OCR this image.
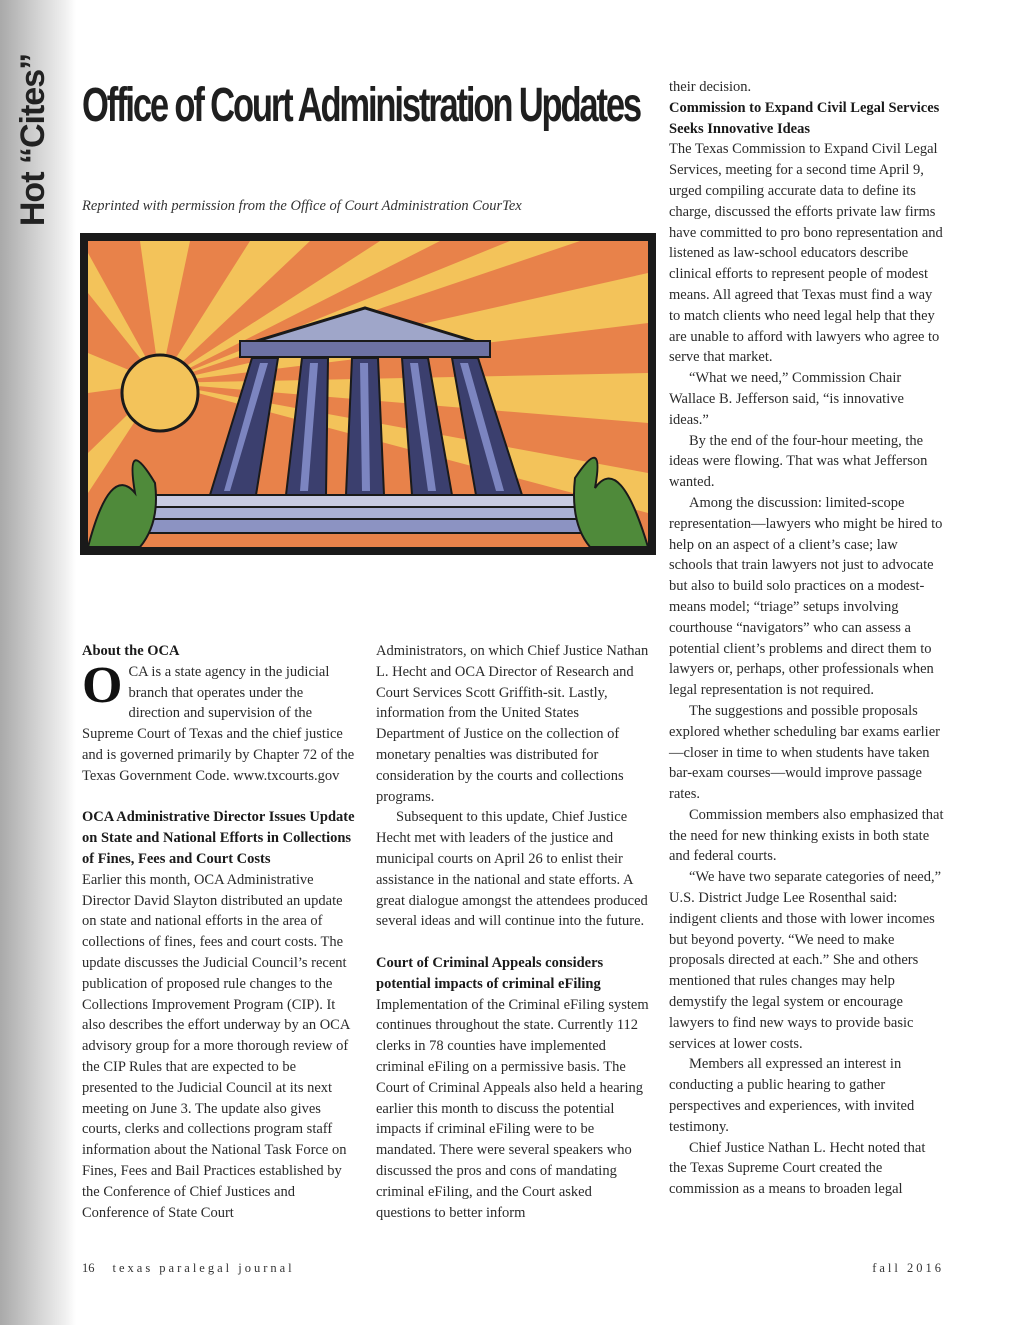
Hot “Cites” Office of Court Administration Updates
Reprinted with permission from the Office of Court Administration CourTex

About the OCA

OCA is a state agency in the judicial branch that operates under the direction and supervision of the Supreme Court of Texas and the chief justice and is governed primarily by Chapter 72 of the Texas Government Code. www.txcourts.gov

OCA Administrative Director Issues Update on State and National Efforts in Collections of Fines, Fees and Court Costs

Earlier this month, OCA Administrative Director David Slayton distributed an update on state and national efforts in the area of collections of fines, fees and court costs. The update discusses the Judicial Council’s recent publication of proposed rule changes to the Collections Improvement Program (CIP). It also describes the effort underway by an OCA advisory group for a more thorough review of the CIP Rules that are expected to be presented to the Judicial Council at its next meeting on June 3. The update also gives courts, clerks and collections program staff information about the National Task Force on Fines, Fees and Bail Practices established by the Conference of Chief Justices and Conference of State Court

Administrators, on which Chief Justice Nathan L. Hecht and OCA Director of Research and Court Services Scott Griffith-sit. Lastly, information from the United States Department of Justice on the collection of monetary penalties was distributed for consideration by the courts and collections programs.

Subsequent to this update, Chief Justice Hecht met with leaders of the justice and municipal courts on April 26 to enlist their assistance in the national and state efforts. A great dialogue amongst the attendees produced several ideas and will continue into the future.

Court of Criminal Appeals considers potential impacts of criminal eFiling

Implementation of the Criminal eFiling system continues throughout the state. Currently 112 clerks in 78 counties have implemented criminal eFiling on a permissive basis. The Court of Criminal Appeals also held a hearing earlier this month to discuss the potential impacts if criminal eFiling were to be mandated. There were several speakers who discussed the pros and cons of mandating criminal eFiling, and the Court asked questions to better inform

their decision.

Commission to Expand Civil Legal Services Seeks Innovative Ideas

The Texas Commission to Expand Civil Legal Services, meeting for a second time April 9, urged compiling accurate data to define its charge, discussed the efforts private law firms have committed to pro bono representation and listened as law-school educators describe clinical efforts to represent people of modest means. All agreed that Texas must find a way to match clients who need legal help that they are unable to afford with lawyers who agree to serve that market.

“What we need,” Commission Chair Wallace B. Jefferson said, “is innovative ideas.”

By the end of the four-hour meeting, the ideas were flowing. That was what Jefferson wanted.

Among the discussion: limited-scope representation—lawyers who might be hired to help on an aspect of a client’s case; law schools that train lawyers not just to advocate but also to build solo practices on a modest-means model; “triage” setups involving courthouse “navigators” who can assess a potential client’s problems and direct them to lawyers or, perhaps, other professionals when legal representation is not required.

The suggestions and possible proposals explored whether scheduling bar exams earlier—closer in time to when students have taken bar-exam courses—would improve passage rates.

Commission members also emphasized that the need for new thinking exists in both state and federal courts.

“We have two separate categories of need,” U.S. District Judge Lee Rosenthal said: indigent clients and those with lower incomes but beyond poverty. “We need to make proposals directed at each.” She and others mentioned that rules changes may help demystify the legal system or encourage lawyers to find new ways to provide basic services at lower costs.

Members all expressed an interest in conducting a public hearing to gather perspectives and experiences, with invited testimony.

Chief Justice Nathan L. Hecht noted that the Texas Supreme Court created the commission as a means to broaden legal

16 texas paralegal journal	fall 2016
